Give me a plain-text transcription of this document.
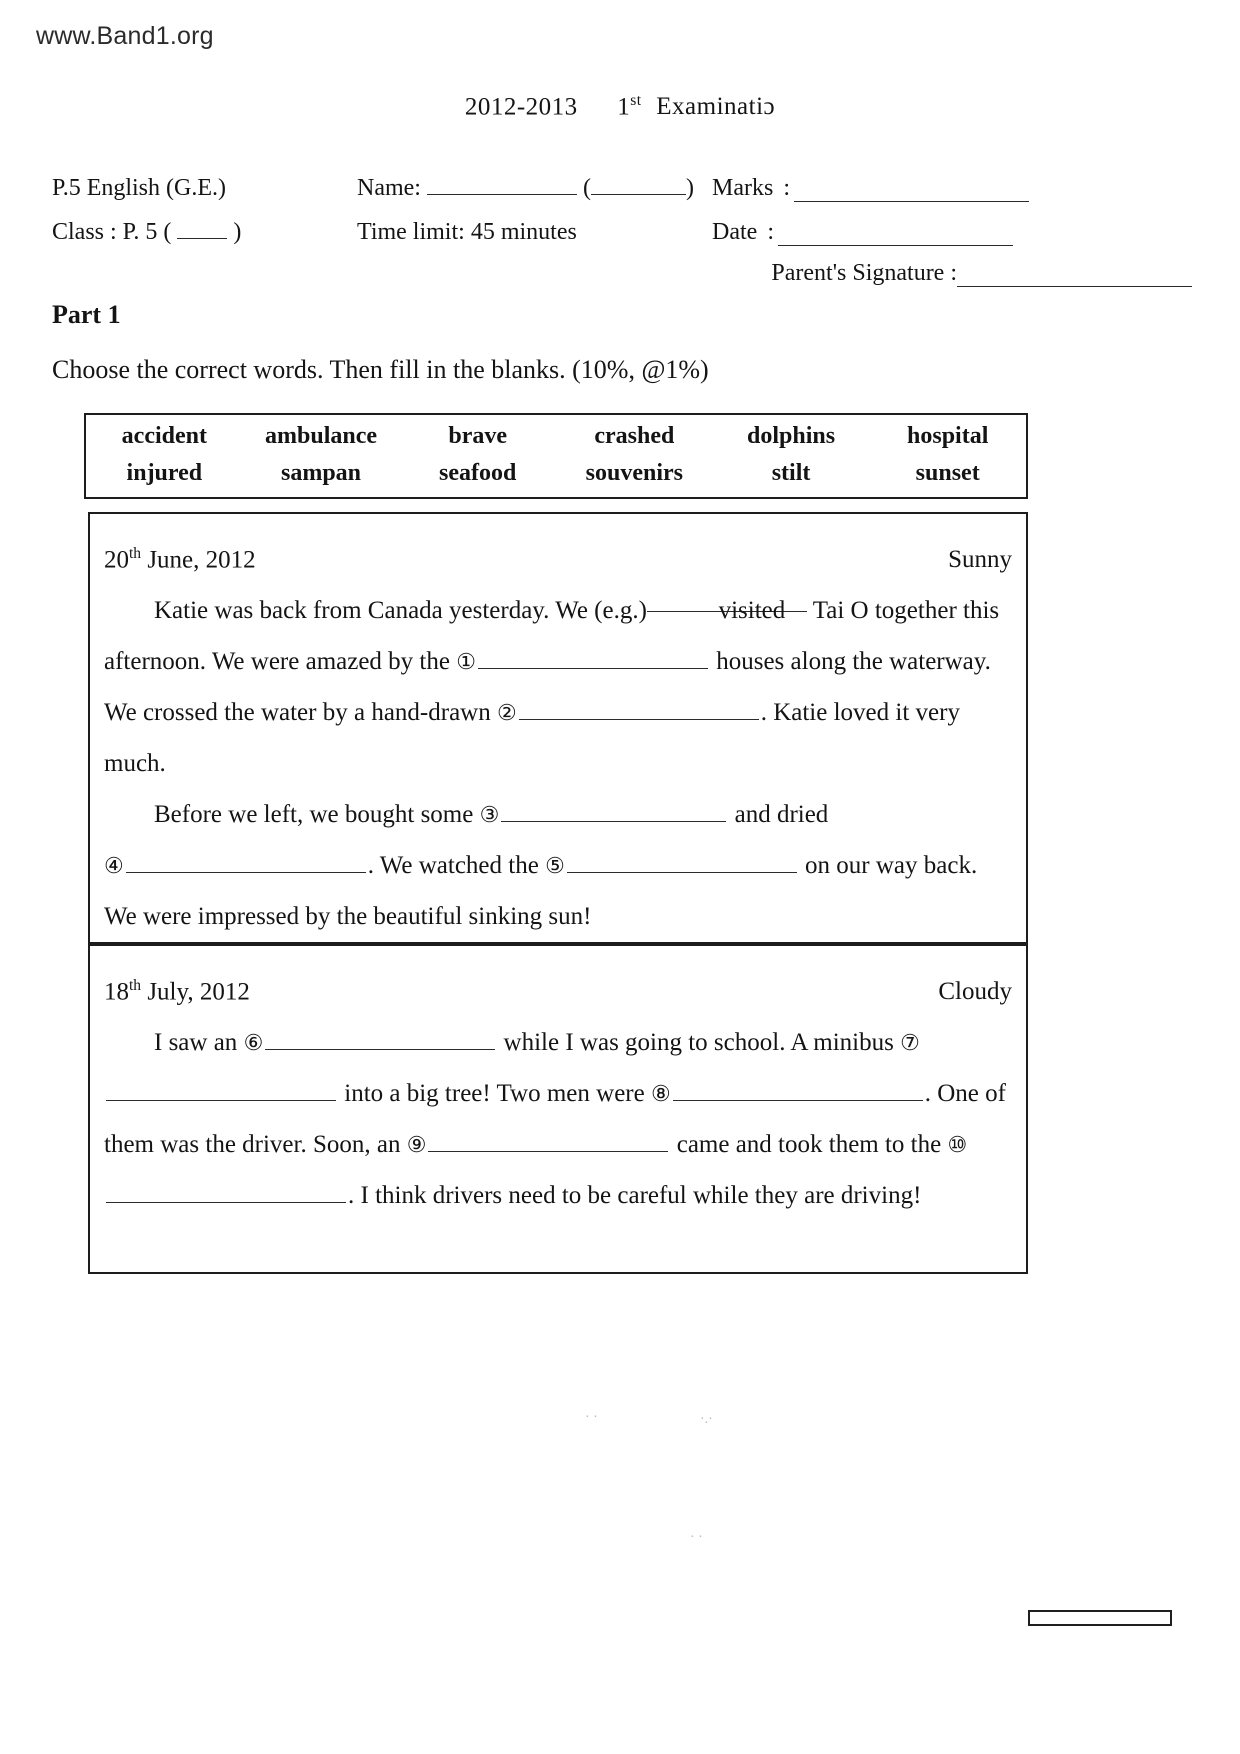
www.Band1.org
2012-2013 1st Examinatiɔ
P.5 English (G.E.)	Name:	(	) Marks :
Class : P. 5 (	)	Time limit: 45 minutes	Date :
Parent's Signature :
Part 1
Choose the correct words. Then fill in the blanks. (10%, @1%)
accident	ambulance	brave	crashed	dolphins	hospital
injured	sampan	seafood	souvenirs	stilt	sunset
20th June, 2012	Sunny
Katie was back from Canada yesterday. We (e.g.)	visited Tai O together this afternoon. We were amazed by the ①	houses along the waterway. We crossed the water by a hand-drawn ②	. Katie loved it very much.
Before we left, we bought some ③	and dried
④	. We watched the ⑤	on our way back. We were impressed by the beautiful sinking sun!
18th July, 2012	Cloudy
I saw an ⑥	while I was going to school. A minibus ⑦ into a big tree! Two men were ⑧	. One of them was the driver. Soon, an ⑨	came and took them to the ⑩. I think drivers need to be careful while they are driving!
· ·	·.·
· ·
